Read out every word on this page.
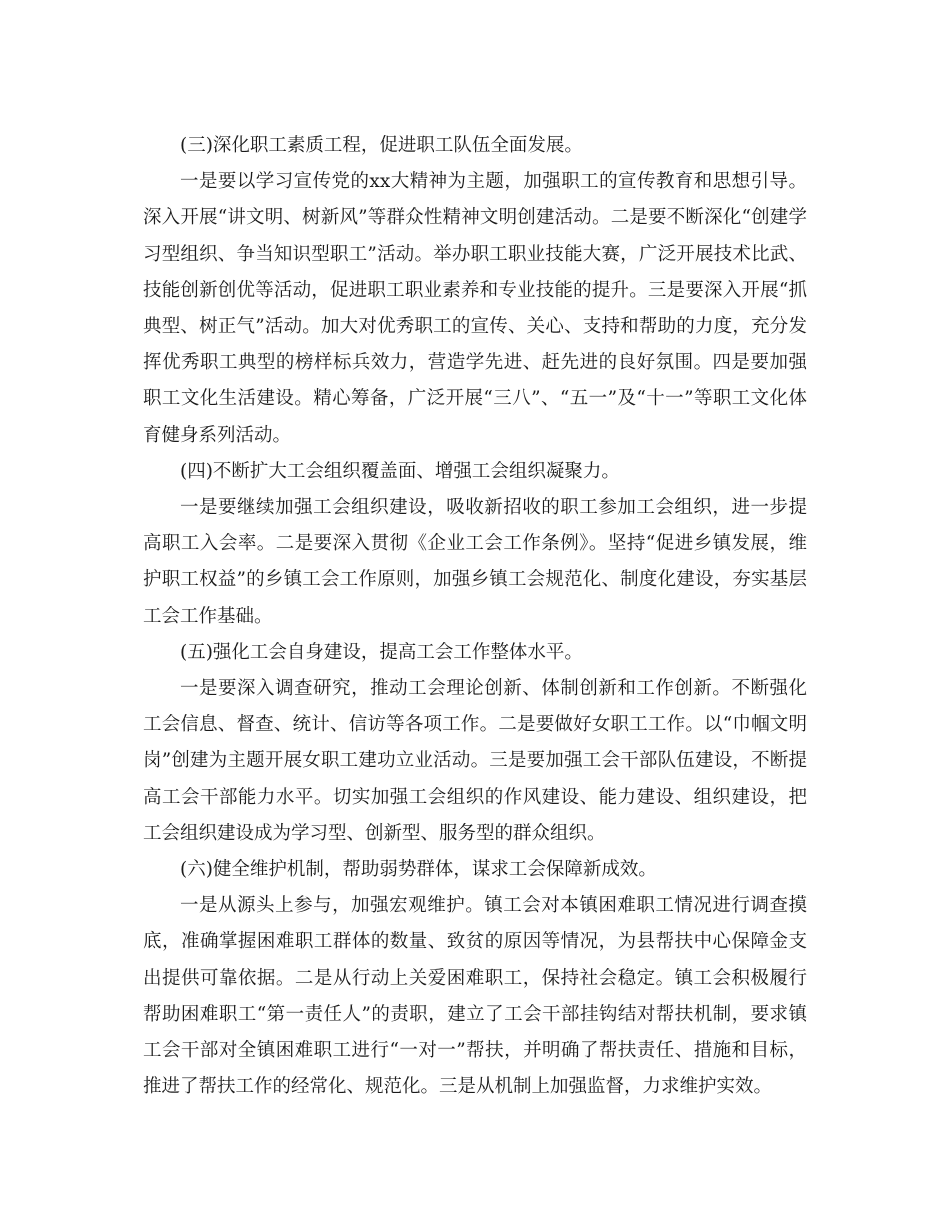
(三)深化职工素质工程，促进职工队伍全面发展。

一是要以学习宣传党的xx大精神为主题，加强职工的宣传教育和思想引导。深入开展“讲文明、树新风”等群众性精神文明创建活动。二是要不断深化“创建学习型组织、争当知识型职工”活动。举办职工职业技能大赛，广泛开展技术比武、技能创新创优等活动，促进职工职业素养和专业技能的提升。三是要深入开展“抓典型、树正气”活动。加大对优秀职工的宣传、关心、支持和帮助的力度，充分发挥优秀职工典型的榜样标兵效力，营造学先进、赶先进的良好氛围。四是要加强职工文化生活建设。精心筹备，广泛开展“三八”、“五一”及“十一”等职工文化体育健身系列活动。

(四)不断扩大工会组织覆盖面、增强工会组织凝聚力。

一是要继续加强工会组织建设，吸收新招收的职工参加工会组织，进一步提高职工入会率。二是要深入贯彻《企业工会工作条例》。坚持“促进乡镇发展，维护职工权益”的乡镇工会工作原则，加强乡镇工会规范化、制度化建设，夯实基层工会工作基础。

(五)强化工会自身建设，提高工会工作整体水平。

一是要深入调查研究，推动工会理论创新、体制创新和工作创新。不断强化工会信息、督查、统计、信访等各项工作。二是要做好女职工工作。以“巾帼文明岗”创建为主题开展女职工建功立业活动。三是要加强工会干部队伍建设，不断提高工会干部能力水平。切实加强工会组织的作风建设、能力建设、组织建设，把工会组织建设成为学习型、创新型、服务型的群众组织。

(六)健全维护机制，帮助弱势群体，谋求工会保障新成效。

一是从源头上参与，加强宏观维护。镇工会对本镇困难职工情况进行调查摸底，准确掌握困难职工群体的数量、致贫的原因等情况，为县帮扶中心保障金支出提供可靠依据。二是从行动上关爱困难职工，保持社会稳定。镇工会积极履行帮助困难职工“第一责任人”的责职，建立了工会干部挂钩结对帮扶机制，要求镇工会干部对全镇困难职工进行“一对一”帮扶，并明确了帮扶责任、措施和目标，推进了帮扶工作的经常化、规范化。三是从机制上加强监督，力求维护实效。
